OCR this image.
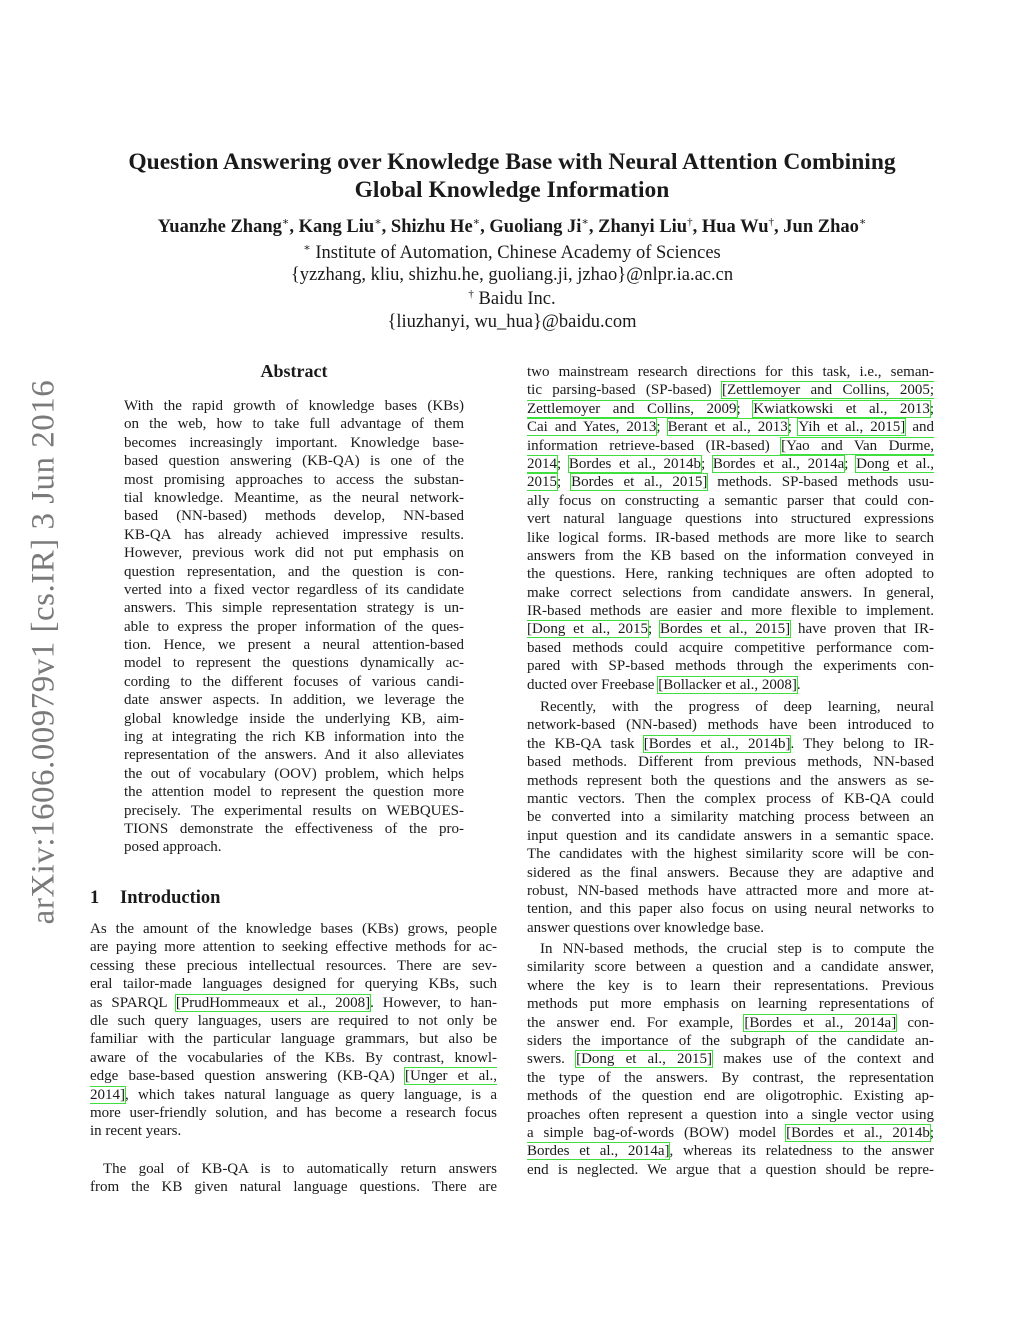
arXiv:1606.00979v1 [cs.IR] 3 Jun 2016
Question Answering over Knowledge Base with Neural Attention Combining
Global Knowledge Information
Yuanzhe Zhang∗, Kang Liu∗, Shizhu He∗, Guoliang Ji∗, Zhanyi Liu†, Hua Wu†, Jun Zhao∗
∗ Institute of Automation, Chinese Academy of Sciences
{yzzhang, kliu, shizhu.he, guoliang.ji, jzhao}@nlpr.ia.ac.cn
† Baidu Inc.
{liuzhanyi, wu_hua}@baidu.com
Abstract
With the rapid growth of knowledge bases (KBs)
on the web, how to take full advantage of them
becomes increasingly important. Knowledge base-
based question answering (KB-QA) is one of the
most promising approaches to access the substan-
tial knowledge. Meantime, as the neural network-
based (NN-based) methods develop, NN-based
KB-QA has already achieved impressive results.
However, previous work did not put emphasis on
question representation, and the question is con-
verted into a fixed vector regardless of its candidate
answers. This simple representation strategy is un-
able to express the proper information of the ques-
tion. Hence, we present a neural attention-based
model to represent the questions dynamically ac-
cording to the different focuses of various candi-
date answer aspects. In addition, we leverage the
global knowledge inside the underlying KB, aim-
ing at integrating the rich KB information into the
representation of the answers. And it also alleviates
the out of vocabulary (OOV) problem, which helps
the attention model to represent the question more
precisely. The experimental results on WEBQUES-
TIONS demonstrate the effectiveness of the pro-
posed approach.
1 Introduction
As the amount of the knowledge bases (KBs) grows, people
are paying more attention to seeking effective methods for ac-
cessing these precious intellectual resources. There are sev-
eral tailor-made languages designed for querying KBs, such
as SPARQL [PrudHommeaux et al., 2008]. However, to han-
dle such query languages, users are required to not only be
familiar with the particular language grammars, but also be
aware of the vocabularies of the KBs. By contrast, knowl-
edge base-based question answering (KB-QA) [Unger et al.,
2014], which takes natural language as query language, is a
more user-friendly solution, and has become a research focus
in recent years.
The goal of KB-QA is to automatically return answers
from the KB given natural language questions. There are
two mainstream research directions for this task, i.e., seman-
tic parsing-based (SP-based) [Zettlemoyer and Collins, 2005;
Zettlemoyer and Collins, 2009; Kwiatkowski et al., 2013;
Cai and Yates, 2013; Berant et al., 2013; Yih et al., 2015] and
information retrieve-based (IR-based) [Yao and Van Durme,
2014; Bordes et al., 2014b; Bordes et al., 2014a; Dong et al.,
2015; Bordes et al., 2015] methods. SP-based methods usu-
ally focus on constructing a semantic parser that could con-
vert natural language questions into structured expressions
like logical forms. IR-based methods are more like to search
answers from the KB based on the information conveyed in
the questions. Here, ranking techniques are often adopted to
make correct selections from candidate answers. In general,
IR-based methods are easier and more flexible to implement.
[Dong et al., 2015; Bordes et al., 2015] have proven that IR-
based methods could acquire competitive performance com-
pared with SP-based methods through the experiments con-
ducted over Freebase [Bollacker et al., 2008].
Recently, with the progress of deep learning, neural
network-based (NN-based) methods have been introduced to
the KB-QA task [Bordes et al., 2014b]. They belong to IR-
based methods. Different from previous methods, NN-based
methods represent both the questions and the answers as se-
mantic vectors. Then the complex process of KB-QA could
be converted into a similarity matching process between an
input question and its candidate answers in a semantic space.
The candidates with the highest similarity score will be con-
sidered as the final answers. Because they are adaptive and
robust, NN-based methods have attracted more and more at-
tention, and this paper also focus on using neural networks to
answer questions over knowledge base.
In NN-based methods, the crucial step is to compute the
similarity score between a question and a candidate answer,
where the key is to learn their representations. Previous
methods put more emphasis on learning representations of
the answer end. For example, [Bordes et al., 2014a] con-
siders the importance of the subgraph of the candidate an-
swers. [Dong et al., 2015] makes use of the context and
the type of the answers. By contrast, the representation
methods of the question end are oligotrophic. Existing ap-
proaches often represent a question into a single vector using
a simple bag-of-words (BOW) model [Bordes et al., 2014b;
Bordes et al., 2014a], whereas its relatedness to the answer
end is neglected. We argue that a question should be repre-
